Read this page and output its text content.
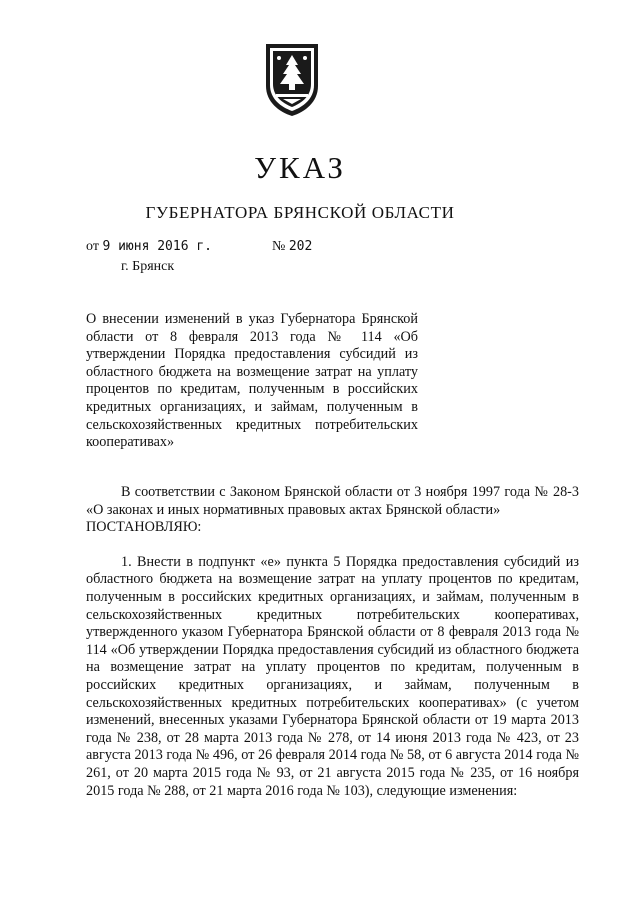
УКАЗ
ГУБЕРНАТОРА БРЯНСКОЙ ОБЛАСТИ
от 9 июня 2016 г.	№ 202
г. Брянск
О внесении изменений в указ Губернатора Брянской области от 8 февраля 2013 года № 114 «Об утверждении Порядка предоставления субсидий из областного бюджета на возмещение затрат на уплату процентов по кредитам, полученным в российских кредитных организациях, и займам, полученным в сельскохозяйственных кредитных потребительских кооперативах»

В соответствии с Законом Брянской области от 3 ноября 1997 года № 28-3 «О законах и иных нормативных правовых актах Брянской области»

ПОСТАНОВЛЯЮ:

1. Внести в подпункт «е» пункта 5 Порядка предоставления субсидий из областного бюджета на возмещение затрат на уплату процентов по кредитам, полученным в российских кредитных организациях, и займам, полученным в сельскохозяйственных кредитных потребительских кооперативах, утвержденного указом Губернатора Брянской области от 8 февраля 2013 года № 114 «Об утверждении Порядка предоставления субсидий из областного бюджета на возмещение затрат на уплату процентов по кредитам, полученным в российских кредитных организациях, и займам, полученным в сельскохозяйственных кредитных потребительских кооперативах» (с учетом изменений, внесенных указами Губернатора Брянской области от 19 марта 2013 года № 238, от 28 марта 2013 года № 278, от 14 июня 2013 года № 423, от 23 августа 2013 года № 496, от 26 февраля 2014 года № 58, от 6 августа 2014 года № 261, от 20 марта 2015 года № 93, от 21 августа 2015 года № 235, от 16 ноября 2015 года № 288, от 21 марта 2016 года № 103), следующие изменения:
